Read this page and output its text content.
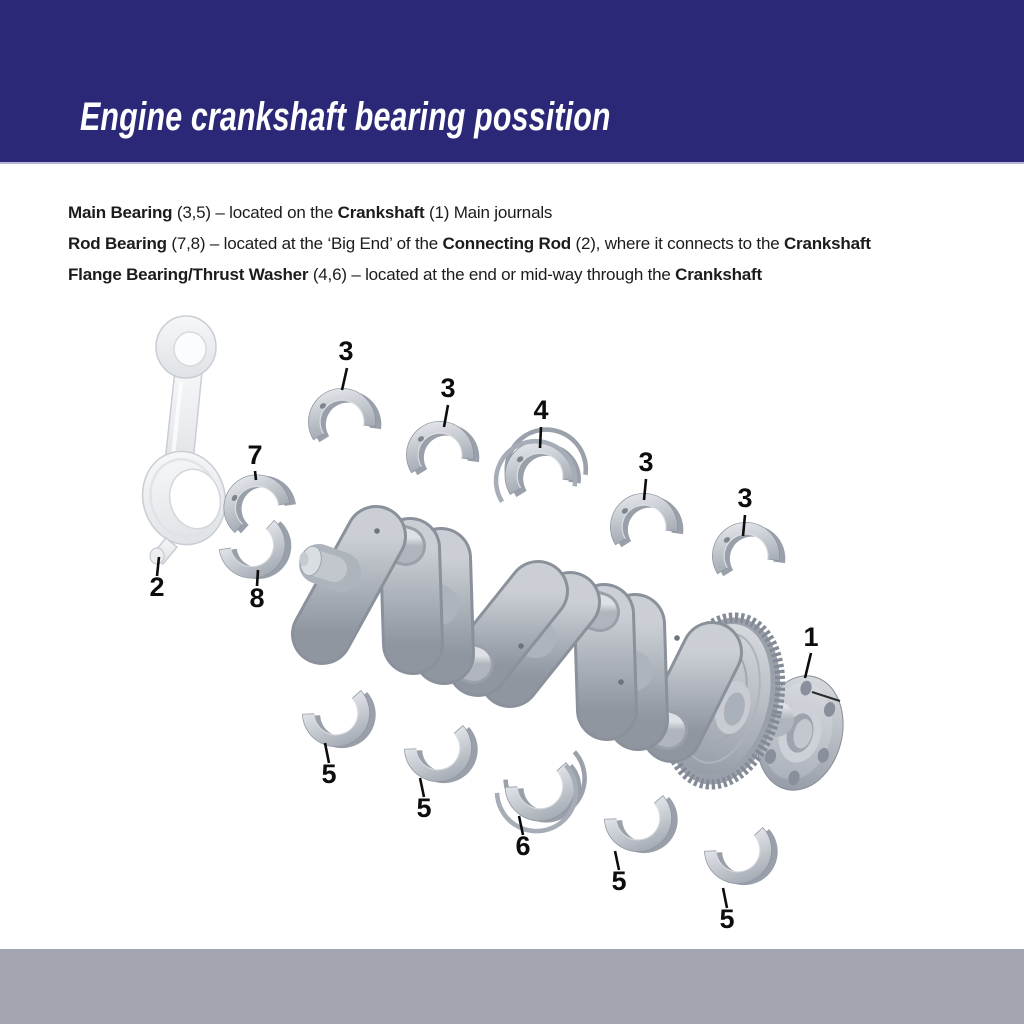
Engine crankshaft bearing possition

Main Bearing (3,5) – located on the Crankshaft (1) Main journals

Rod Bearing (7,8) – located at the ‘Big End’ of the Connecting Rod (2), where it connects to the Crankshaft

Flange Bearing/Thrust Washer (4,6) – located at the end or mid-way through the Crankshaft

3
3
4
3
3
1
7
8
2
5
5
6
5
5
